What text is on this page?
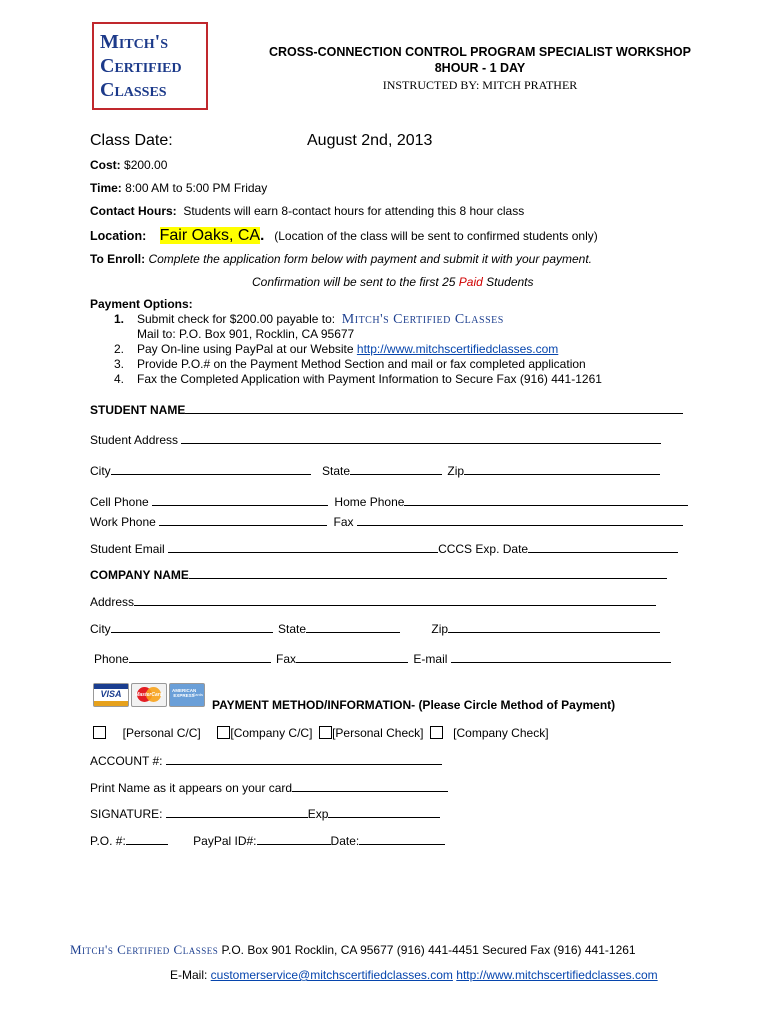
Mitch's
Certified
Classes
CROSS-CONNECTION CONTROL PROGRAM SPECIALIST WORKSHOP
8HOUR - 1 DAY
INSTRUCTED BY: MITCH PRATHER
Class Date:	August 2nd, 2013
Cost: $200.00
Time: 8:00 AM to 5:00 PM Friday
Contact Hours: Students will earn 8-contact hours for attending this 8 hour class
Location: Fair Oaks, CA. (Location of the class will be sent to confirmed students only)
To Enroll: Complete the application form below with payment and submit it with your payment.
Confirmation will be sent to the first 25 Paid Students
Payment Options:
1. Submit check for $200.00 payable to: Mitch's Certified Classes
Mail to: P.O. Box 901, Rocklin, CA 95677
2. Pay On-line using PayPal at our Website http://www.mitchscertifiedclasses.com
3. Provide P.O.# on the Payment Method Section and mail or fax completed application
4. Fax the Completed Application with Payment Information to Secure Fax (916) 441-1261
STUDENT NAME
Student Address
City	State	Zip
Cell Phone	Home Phone
Work Phone	Fax
Student Email	CCCS Exp. Date
COMPANY NAME
Address
City	State	Zip
Phone	Fax	E-mail
VISA	MasterCard
AMERICAN EXPRESS
Cards
PAYMENT METHOD/INFORMATION- (Please Circle Method of Payment)
[Personal C/C] [Company C/C] [Personal Check] [Company Check]
ACCOUNT #:
Print Name as it appears on your card
SIGNATURE:	Exp
P.O. #:	PayPal ID#:	Date:
Mitch's Certified Classes P.O. Box 901 Rocklin, CA 95677 (916) 441-4451 Secured Fax (916) 441-1261
E-Mail: customerservice@mitchscertifiedclasses.com http://www.mitchscertifiedclasses.com
